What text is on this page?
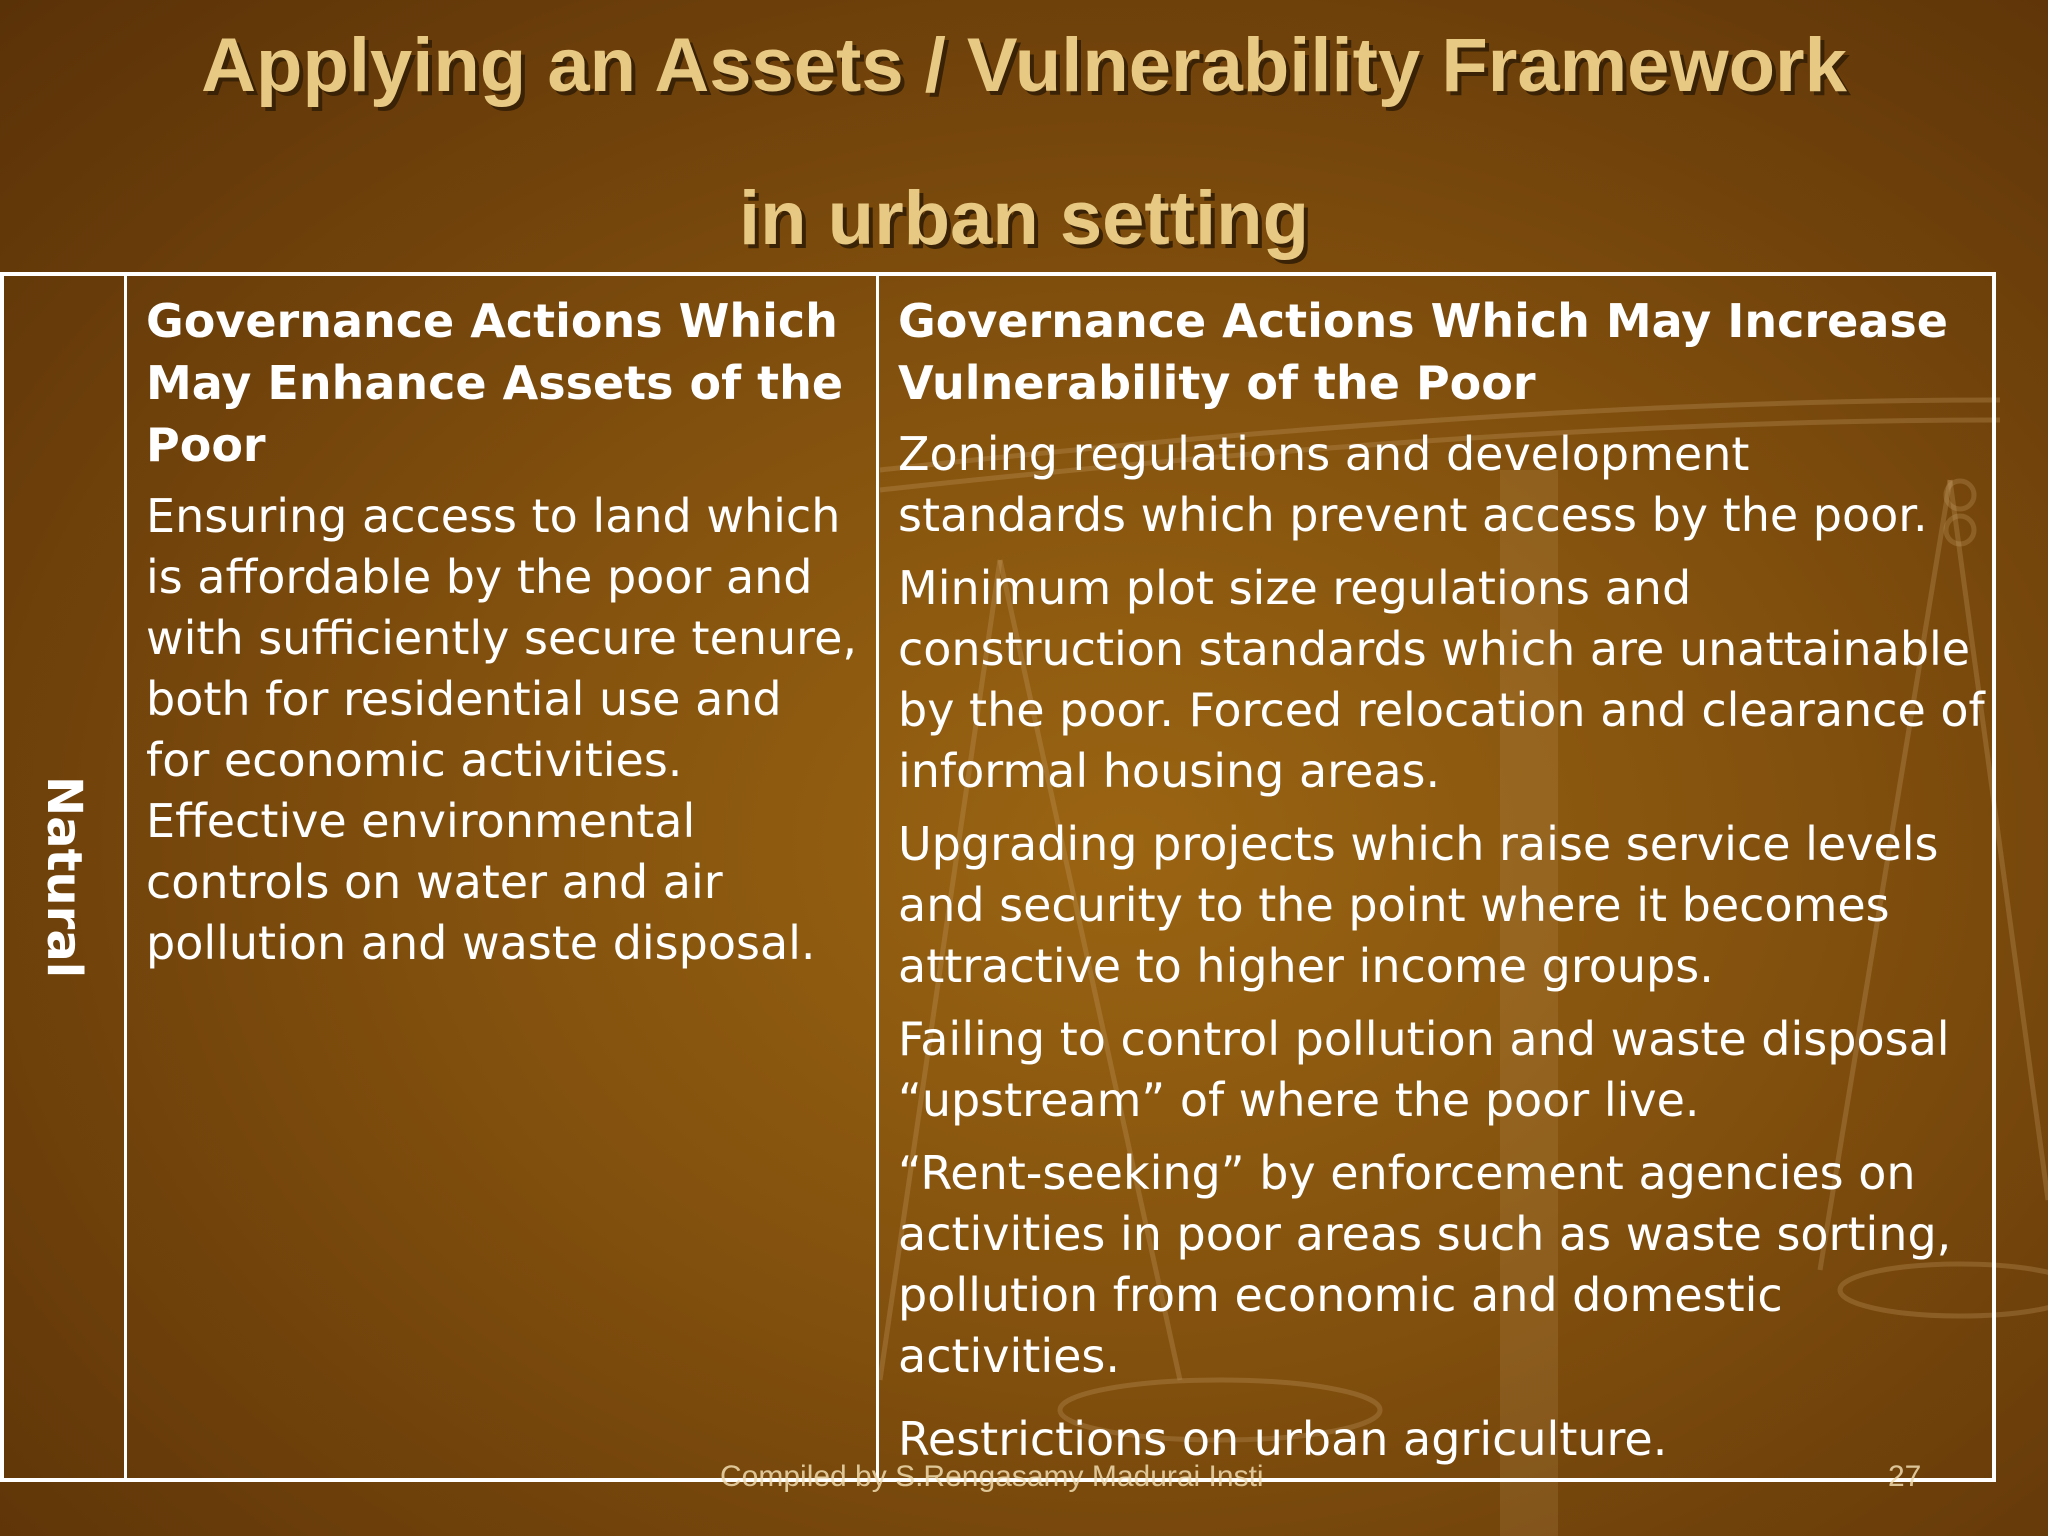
Applying an Assets / Vulnerability Framework
in urban setting
Natural

Governance Actions Which May Enhance Assets of the Poor

Ensuring access to land which is affordable by the poor and with sufficiently secure tenure, both for residential use and for economic activities. Effective environmental controls on water and air pollution and waste disposal.

Governance Actions Which May Increase Vulnerability of the Poor

Zoning regulations and development standards which prevent access by the poor.

Minimum plot size regulations and construction standards which are unattainable by the poor. Forced relocation and clearance of informal housing areas.

Upgrading projects which raise service levels and security to the point where it becomes attractive to higher income groups.

Failing to control pollution and waste disposal “upstream” of where the poor live.

“Rent-seeking” by enforcement agencies on activities in poor areas such as waste sorting, pollution from economic and domestic activities.

Restrictions on urban agriculture.

Compiled by S.Rengasamy Madurai Insti	27
